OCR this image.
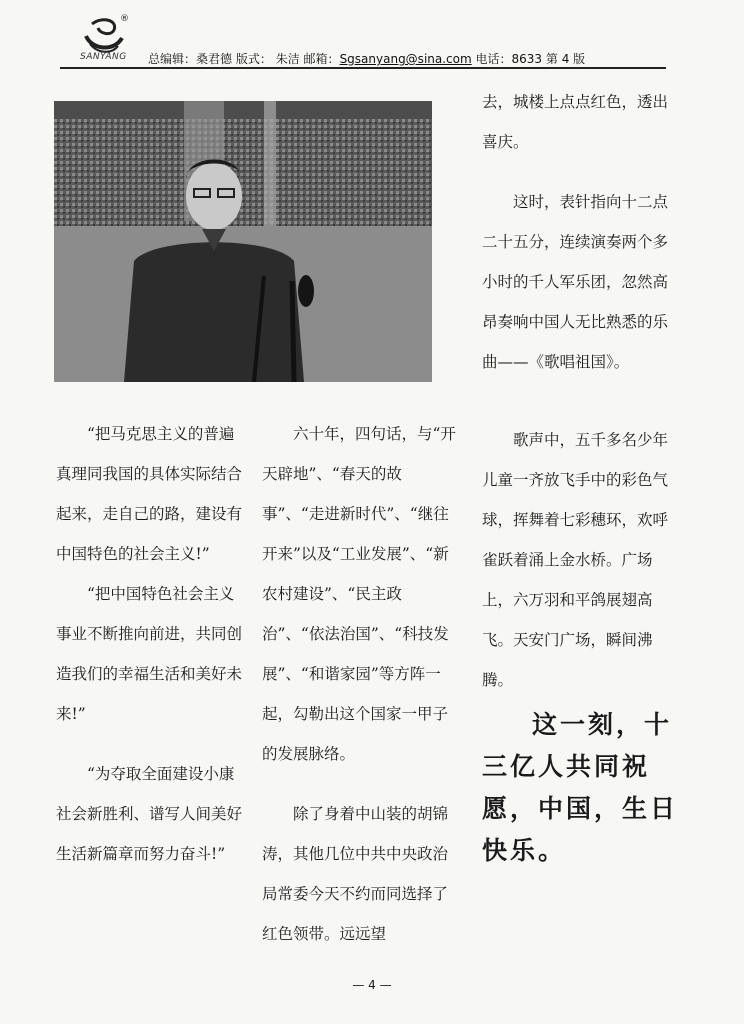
®
SANYANG 总编辑：桑君德 版式： 朱洁 邮箱：Sgsanyang@sina.com 电话：8633 第 4 版

去，城楼上点点红色，透出喜庆。

这时，表针指向十二点二十五分，连续演奏两个多小时的千人军乐团，忽然高昂奏响中国人无比熟悉的乐曲——《歌唱祖国》。

“把马克思主义的普遍真理同我国的具体实际结合起来，走自己的路，建设有中国特色的社会主义!”

“把中国特色社会主义事业不断推向前进，共同创造我们的幸福生活和美好未来!”

“为夺取全面建设小康社会新胜利、谱写人间美好生活新篇章而努力奋斗!”

六十年，四句话，与“开天辟地”、“春天的故事”、“走进新时代”、“继往开来”以及“工业发展”、“新农村建设”、“民主政治”、“依法治国”、“科技发展”、“和谐家园”等方阵一起，勾勒出这个国家一甲子的发展脉络。

除了身着中山装的胡锦涛，其他几位中共中央政治局常委今天不约而同选择了红色领带。远远望

歌声中，五千多名少年儿童一齐放飞手中的彩色气球，挥舞着七彩穗环，欢呼雀跃着涌上金水桥。广场上，六万羽和平鸽展翅高飞。天安门广场，瞬间沸腾。

这一刻，十三亿人共同祝愿，中国，生日快乐。
— 4 —
